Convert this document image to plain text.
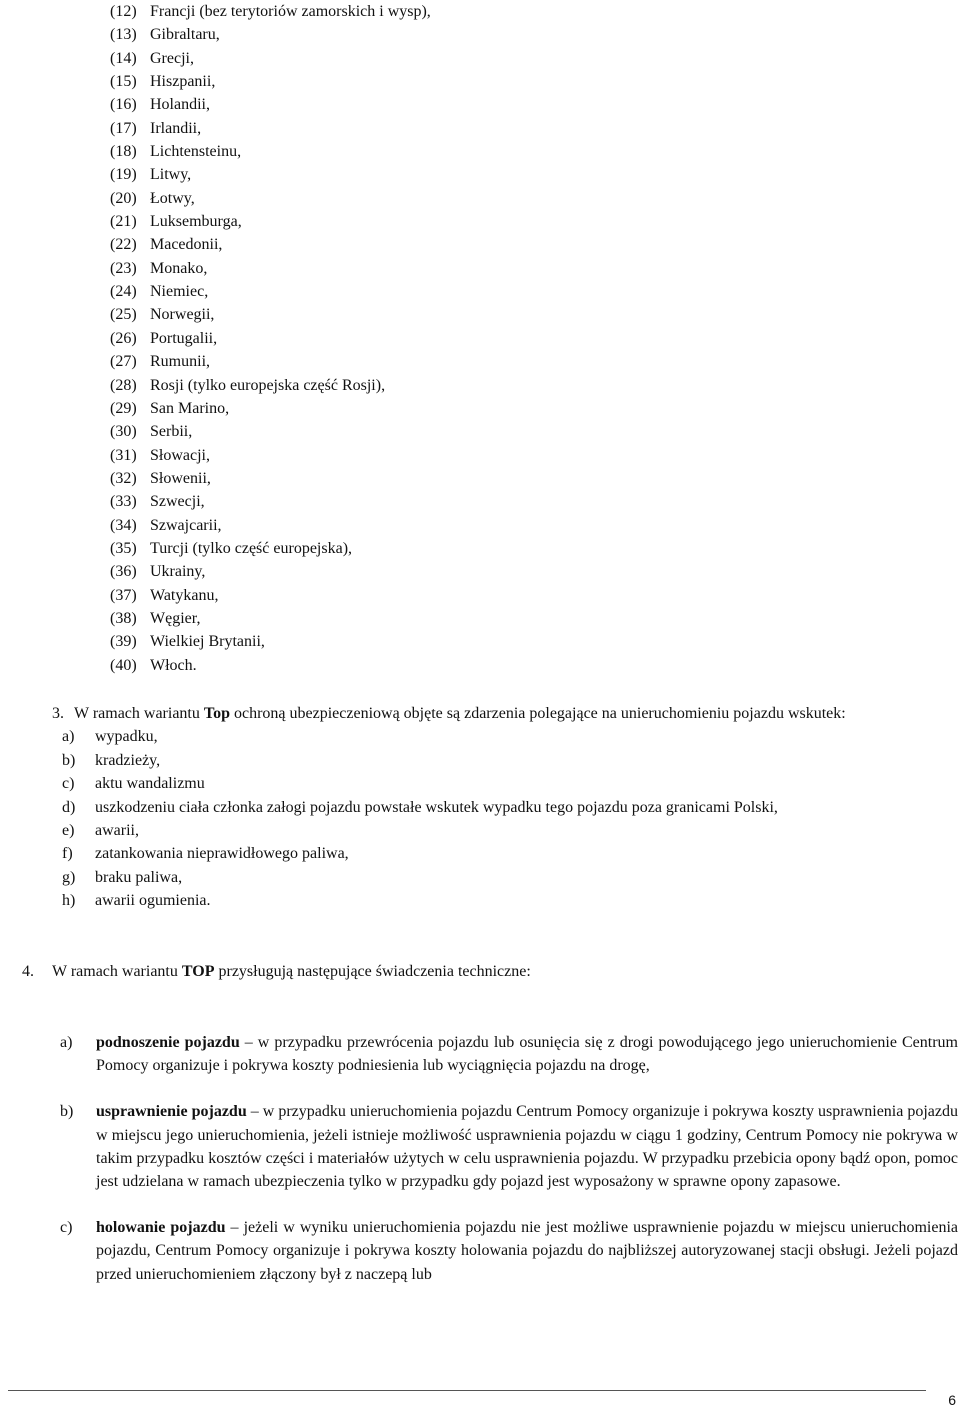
(12) Francji (bez terytoriów zamorskich i wysp),
(13) Gibraltaru,
(14) Grecji,
(15) Hiszpanii,
(16) Holandii,
(17) Irlandii,
(18) Lichtensteinu,
(19) Litwy,
(20) Łotwy,
(21) Luksemburga,
(22) Macedonii,
(23) Monako,
(24) Niemiec,
(25) Norwegii,
(26) Portugalii,
(27) Rumunii,
(28) Rosji (tylko europejska część Rosji),
(29) San Marino,
(30) Serbii,
(31) Słowacji,
(32) Słowenii,
(33) Szwecji,
(34) Szwajcarii,
(35) Turcji (tylko część europejska),
(36) Ukrainy,
(37) Watykanu,
(38) Węgier,
(39) Wielkiej Brytanii,
(40) Włoch.
3. W ramach wariantu Top ochroną ubezpieczeniową objęte są zdarzenia polegające na unieruchomieniu pojazdu wskutek:
a) wypadku,
b) kradzieży,
c) aktu wandalizmu
d) uszkodzeniu ciała członka załogi pojazdu powstałe wskutek wypadku tego pojazdu poza granicami Polski,
e) awarii,
f) zatankowania nieprawidłowego paliwa,
g) braku paliwa,
h) awarii ogumienia.
4. W ramach wariantu TOP przysługują następujące świadczenia techniczne:
a)	podnoszenie pojazdu – w przypadku przewrócenia pojazdu lub osunięcia się z drogi powodującego jego unieruchomienie Centrum Pomocy organizuje i pokrywa koszty podniesienia lub wyciągnięcia pojazdu na drogę,
b)	usprawnienie pojazdu – w przypadku unieruchomienia pojazdu Centrum Pomocy organizuje i pokrywa koszty usprawnienia pojazdu w miejscu jego unieruchomienia, jeżeli istnieje możliwość usprawnienia pojazdu w ciągu 1 godziny, Centrum Pomocy nie pokrywa w takim przypadku kosztów części i materiałów użytych w celu usprawnienia pojazdu. W przypadku przebicia opony bądź opon, pomoc jest udzielana w ramach ubezpieczenia tylko w przypadku gdy pojazd jest wyposażony w sprawne opony zapasowe.
c)	holowanie pojazdu – jeżeli w wyniku unieruchomienia pojazdu nie jest możliwe usprawnienie pojazdu w miejscu unieruchomienia pojazdu, Centrum Pomocy organizuje i pokrywa koszty holowania pojazdu do najbliższej autoryzowanej stacji obsługi. Jeżeli pojazd przed unieruchomieniem złączony był z naczepą lub
6
